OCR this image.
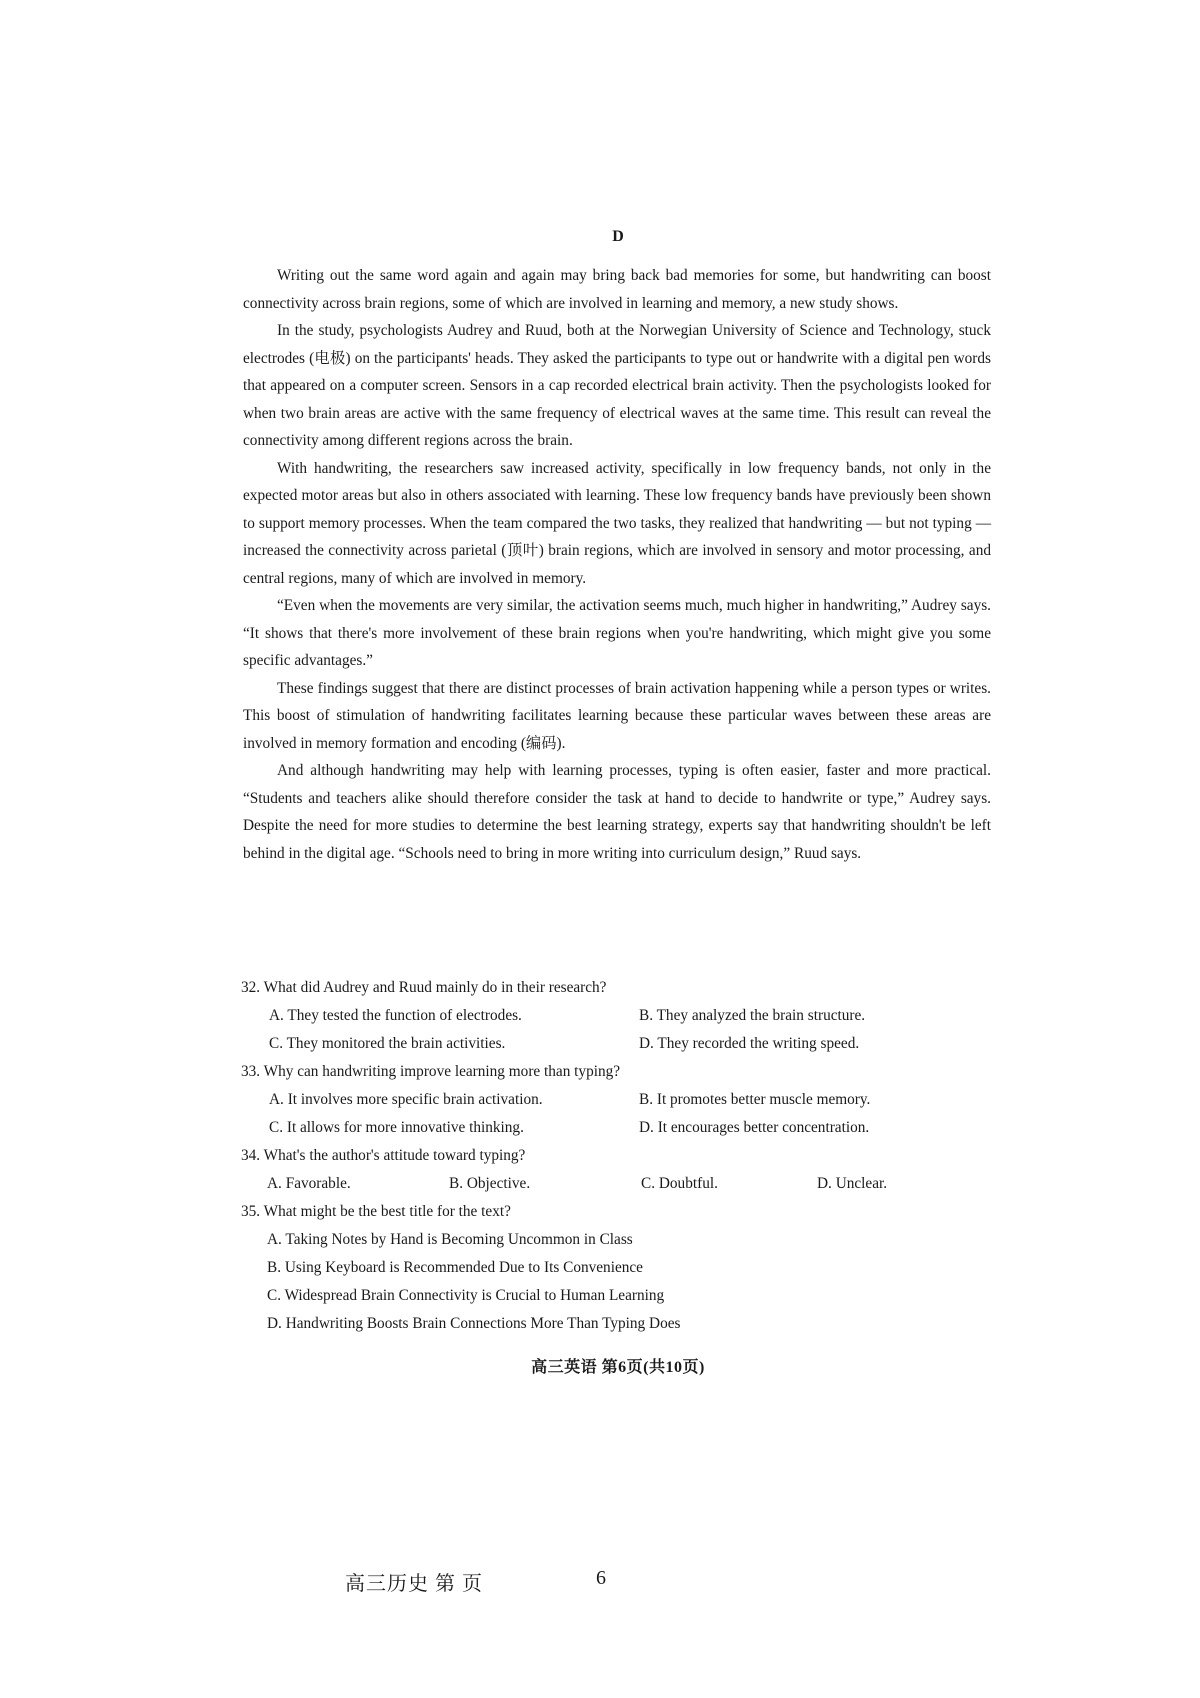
D

Writing out the same word again and again may bring back bad memories for some, but handwriting can boost connectivity across brain regions, some of which are involved in learning and memory, a new study shows.

In the study, psychologists Audrey and Ruud, both at the Norwegian University of Science and Technology, stuck electrodes (电极) on the participants' heads. They asked the participants to type out or handwrite with a digital pen words that appeared on a computer screen. Sensors in a cap recorded electrical brain activity. Then the psychologists looked for when two brain areas are active with the same frequency of electrical waves at the same time. This result can reveal the connectivity among different regions across the brain.

With handwriting, the researchers saw increased activity, specifically in low frequency bands, not only in the expected motor areas but also in others associated with learning. These low frequency bands have previously been shown to support memory processes. When the team compared the two tasks, they realized that handwriting — but not typing — increased the connectivity across parietal (顶叶) brain regions, which are involved in sensory and motor processing, and central regions, many of which are involved in memory.

“Even when the movements are very similar, the activation seems much, much higher in handwriting,” Audrey says. “It shows that there's more involvement of these brain regions when you're handwriting, which might give you some specific advantages.”

These findings suggest that there are distinct processes of brain activation happening while a person types or writes. This boost of stimulation of handwriting facilitates learning because these particular waves between these areas are involved in memory formation and encoding (编码).

And although handwriting may help with learning processes, typing is often easier, faster and more practical. “Students and teachers alike should therefore consider the task at hand to decide to handwrite or type,” Audrey says. Despite the need for more studies to determine the best learning strategy, experts say that handwriting shouldn't be left behind in the digital age. “Schools need to bring in more writing into curriculum design,” Ruud says.

32. What did Audrey and Ruud mainly do in their research?
A. They tested the function of electrodes.	B. They analyzed the brain structure.
C. They monitored the brain activities.	D. They recorded the writing speed.
33. Why can handwriting improve learning more than typing?
A. It involves more specific brain activation.	B. It promotes better muscle memory.
C. It allows for more innovative thinking.	D. It encourages better concentration.
34. What's the author's attitude toward typing?
A. Favorable.	B. Objective.	C. Doubtful.	D. Unclear.
35. What might be the best title for the text?
A. Taking Notes by Hand is Becoming Uncommon in Class
B. Using Keyboard is Recommended Due to Its Convenience
C. Widespread Brain Connectivity is Crucial to Human Learning
D. Handwriting Boosts Brain Connections More Than Typing Does
高三英语 第6页(共10页)
高三历史 第 页	6
